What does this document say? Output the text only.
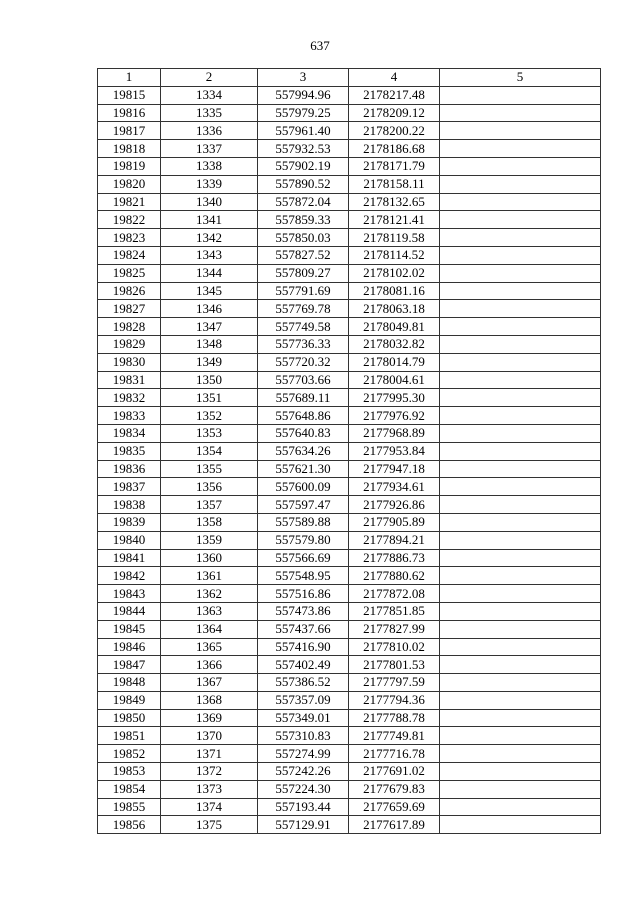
637
1	2	3	4	5
19815	1334	557994.96	2178217.48	
19816	1335	557979.25	2178209.12	
19817	1336	557961.40	2178200.22	
19818	1337	557932.53	2178186.68	
19819	1338	557902.19	2178171.79	
19820	1339	557890.52	2178158.11	
19821	1340	557872.04	2178132.65	
19822	1341	557859.33	2178121.41	
19823	1342	557850.03	2178119.58	
19824	1343	557827.52	2178114.52	
19825	1344	557809.27	2178102.02	
19826	1345	557791.69	2178081.16	
19827	1346	557769.78	2178063.18	
19828	1347	557749.58	2178049.81	
19829	1348	557736.33	2178032.82	
19830	1349	557720.32	2178014.79	
19831	1350	557703.66	2178004.61	
19832	1351	557689.11	2177995.30	
19833	1352	557648.86	2177976.92	
19834	1353	557640.83	2177968.89	
19835	1354	557634.26	2177953.84	
19836	1355	557621.30	2177947.18	
19837	1356	557600.09	2177934.61	
19838	1357	557597.47	2177926.86	
19839	1358	557589.88	2177905.89	
19840	1359	557579.80	2177894.21	
19841	1360	557566.69	2177886.73	
19842	1361	557548.95	2177880.62	
19843	1362	557516.86	2177872.08	
19844	1363	557473.86	2177851.85	
19845	1364	557437.66	2177827.99	
19846	1365	557416.90	2177810.02	
19847	1366	557402.49	2177801.53	
19848	1367	557386.52	2177797.59	
19849	1368	557357.09	2177794.36	
19850	1369	557349.01	2177788.78	
19851	1370	557310.83	2177749.81	
19852	1371	557274.99	2177716.78	
19853	1372	557242.26	2177691.02	
19854	1373	557224.30	2177679.83	
19855	1374	557193.44	2177659.69	
19856	1375	557129.91	2177617.89	
